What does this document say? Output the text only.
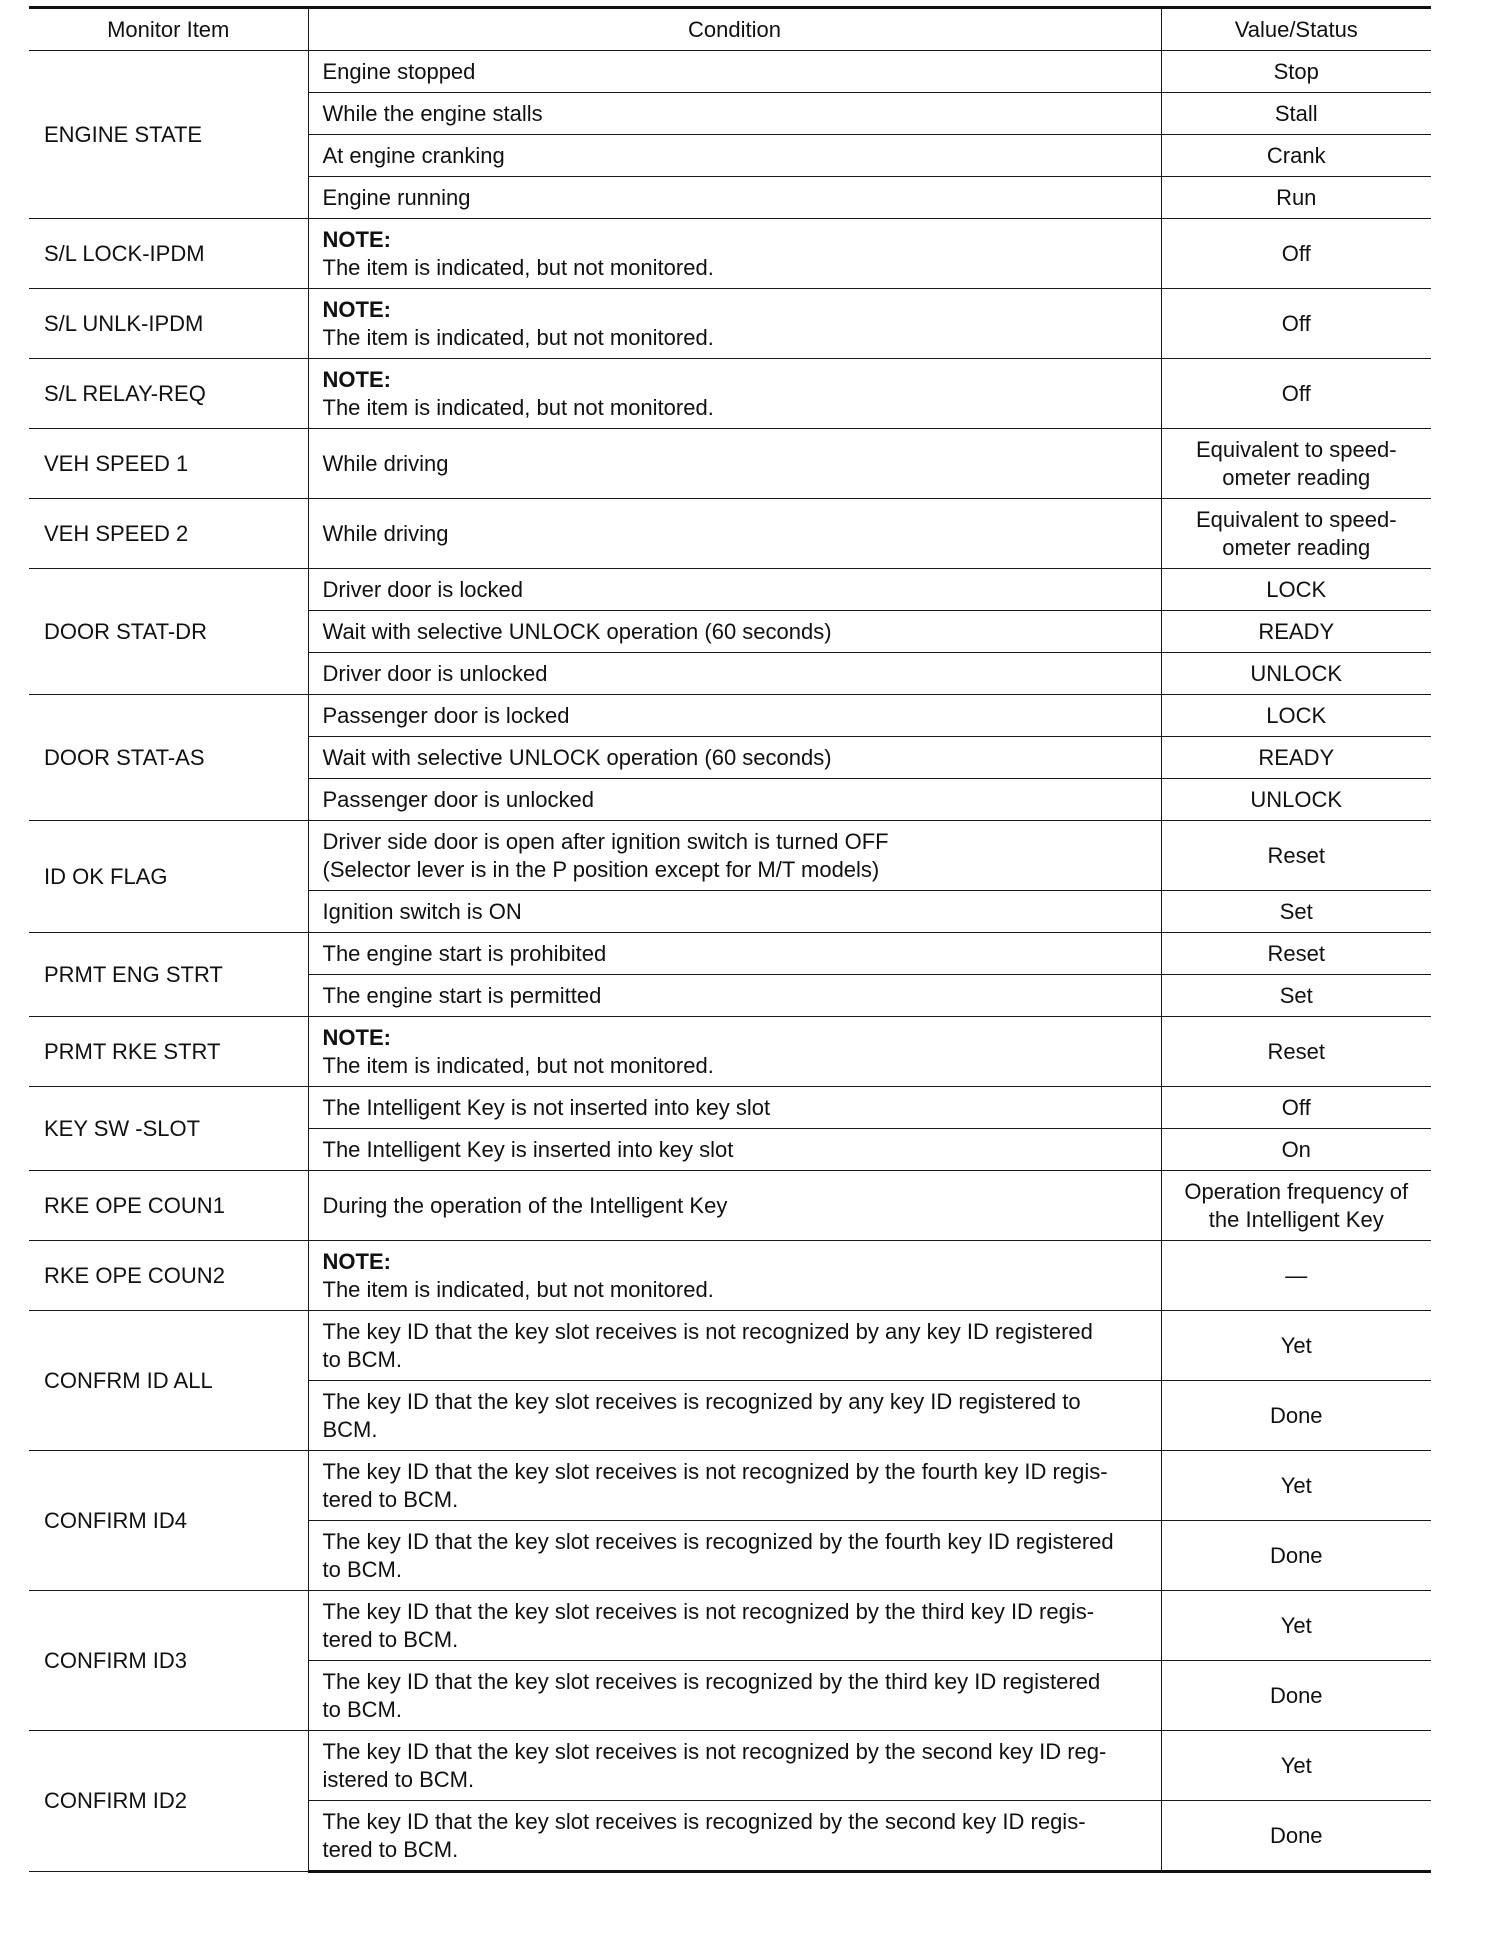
Monitor Item	Condition	Value/Status
ENGINE STATE	Engine stopped	Stop
	While the engine stalls	Stall
	At engine cranking	Crank
	Engine running	Run
S/L LOCK-IPDM	NOTE:
The item is indicated, but not monitored.	Off
S/L UNLK-IPDM	NOTE:
The item is indicated, but not monitored.	Off
S/L RELAY-REQ	NOTE:
The item is indicated, but not monitored.	Off
VEH SPEED 1	While driving	Equivalent to speed-
ometer reading
VEH SPEED 2	While driving	Equivalent to speed-
ometer reading
DOOR STAT-DR	Driver door is locked	LOCK
	Wait with selective UNLOCK operation (60 seconds)	READY
	Driver door is unlocked	UNLOCK
DOOR STAT-AS	Passenger door is locked	LOCK
	Wait with selective UNLOCK operation (60 seconds)	READY
	Passenger door is unlocked	UNLOCK
ID OK FLAG	Driver side door is open after ignition switch is turned OFF
(Selector lever is in the P position except for M/T models)	Reset
	Ignition switch is ON	Set
PRMT ENG STRT	The engine start is prohibited	Reset
	The engine start is permitted	Set
PRMT RKE STRT	NOTE:
The item is indicated, but not monitored.	Reset
KEY SW -SLOT	The Intelligent Key is not inserted into key slot	Off
	The Intelligent Key is inserted into key slot	On
RKE OPE COUN1	During the operation of the Intelligent Key	Operation frequency of
the Intelligent Key
RKE OPE COUN2	NOTE:
The item is indicated, but not monitored.	—
CONFRM ID ALL	The key ID that the key slot receives is not recognized by any key ID registered
to BCM.	Yet
	The key ID that the key slot receives is recognized by any key ID registered to
BCM.	Done
CONFIRM ID4	The key ID that the key slot receives is not recognized by the fourth key ID regis-
tered to BCM.	Yet
	The key ID that the key slot receives is recognized by the fourth key ID registered
to BCM.	Done
CONFIRM ID3	The key ID that the key slot receives is not recognized by the third key ID regis-
tered to BCM.	Yet
	The key ID that the key slot receives is recognized by the third key ID registered
to BCM.	Done
CONFIRM ID2	The key ID that the key slot receives is not recognized by the second key ID reg-
istered to BCM.	Yet
	The key ID that the key slot receives is recognized by the second key ID regis-
tered to BCM.	Done
